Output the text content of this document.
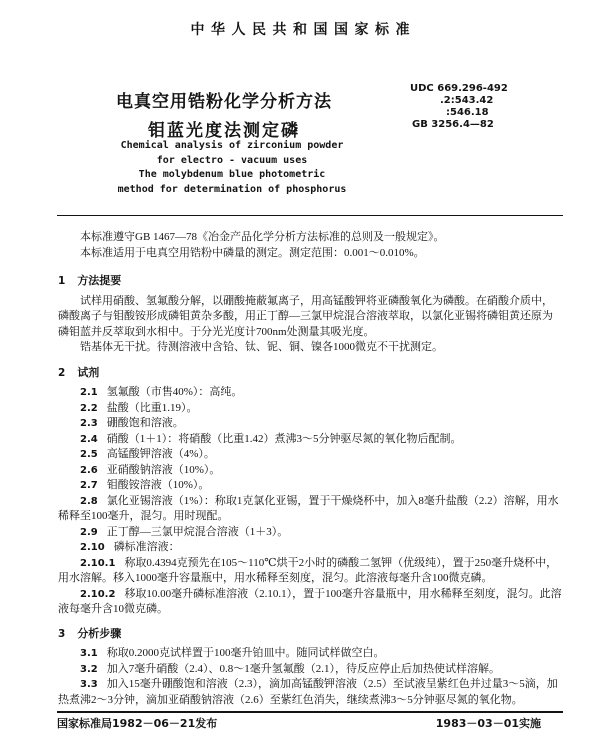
中华人民共和国国家标准
电真空用锆粉化学分析方法
钼蓝光度法测定磷
UDC 669.296-492
.2:543.42
:546.18
GB 3256.4—82
Chemical analysis of zirconium powder
for electro - vacuum uses
The molybdenum blue photometric
method for determination of phosphorus

本标准遵守GB 1467—78《冶金产品化学分析方法标准的总则及一般规定》。

本标准适用于电真空用锆粉中磷量的测定。测定范围：0.001～0.010%。

1 方法提要

试样用硝酸、氢氟酸分解，以硼酸掩蔽氟离子，用高锰酸钾将亚磷酸氧化为磷酸。在硝酸介质中，磷酸离子与钼酸铵形成磷钼黄杂多酸，用正丁醇—三氯甲烷混合溶液萃取，以氯化亚锡将磷钼黄还原为磷钼蓝并反萃取到水相中。于分光光度计700nm处测量其吸光度。

锆基体无干扰。待测溶液中含铪、钛、铌、铜、镍各1000微克不干扰测定。

2 试剂
2.1 氢氟酸（市售40%）：高纯。
2.2 盐酸（比重1.19）。
2.3 硼酸饱和溶液。
2.4 硝酸（1＋1）：将硝酸（比重1.42）煮沸3～5分钟驱尽氮的氧化物后配制。
2.5 高锰酸钾溶液（4%）。
2.6 亚硝酸钠溶液（10%）。
2.7 钼酸铵溶液（10%）。
2.8 氯化亚锡溶液（1%）：称取1克氯化亚锡，置于干燥烧杯中，加入8毫升盐酸（2.2）溶解，用水稀释至100毫升，混匀。用时现配。
2.9 正丁醇—三氯甲烷混合溶液（1＋3）。
2.10 磷标准溶液：
2.10.1 称取0.4394克预先在105～110℃烘干2小时的磷酸二氢钾（优级纯），置于250毫升烧杯中，用水溶解。移入1000毫升容量瓶中，用水稀释至刻度，混匀。此溶液每毫升含100微克磷。
2.10.2 移取10.00毫升磷标准溶液（2.10.1），置于100毫升容量瓶中，用水稀释至刻度，混匀。此溶液每毫升含10微克磷。
3 分析步骤
3.1 称取0.2000克试样置于100毫升铂皿中。随同试样做空白。
3.2 加入7毫升硝酸（2.4）、0.8～1毫升氢氟酸（2.1），待反应停止后加热使试样溶解。
3.3 加入15毫升硼酸饱和溶液（2.3），滴加高锰酸钾溶液（2.5）至试液呈紫红色并过量3～5滴，加热煮沸2～3分钟，滴加亚硝酸钠溶液（2.6）至紫红色消失，继续煮沸3～5分钟驱尽氮的氧化物。
国家标准局1982－06－21发布	1983－03－01实施
